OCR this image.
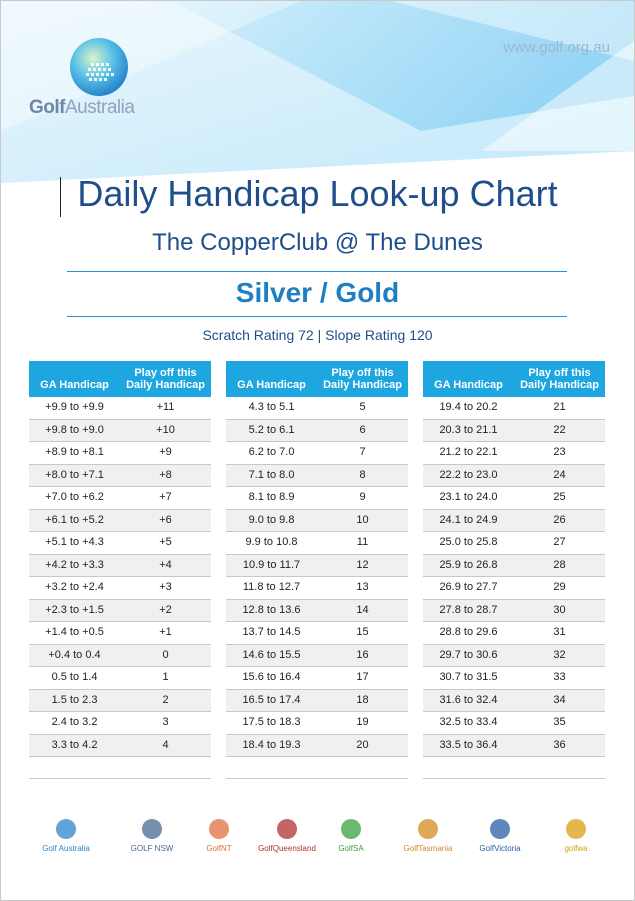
GolfAustralia
www.golf.org.au
Daily Handicap Look-up Chart
The CopperClub @ The Dunes
Silver / Gold
Scratch Rating 72 | Slope Rating 120
GA Handicap
Play off this
Daily Handicap
+9.9 to +9.9	+11
+9.8 to +9.0	+10
+8.9 to +8.1	+9
+8.0 to +7.1	+8
+7.0 to +6.2	+7
+6.1 to +5.2	+6
+5.1 to +4.3	+5
+4.2 to +3.3	+4
+3.2 to +2.4	+3
+2.3 to +1.5	+2
+1.4 to +0.5	+1
+0.4 to 0.4	0
0.5 to 1.4	1
1.5 to 2.3	2
2.4 to 3.2	3
3.3 to 4.2	4
GA Handicap
Play off this
Daily Handicap
4.3 to 5.1	5
5.2 to 6.1	6
6.2 to 7.0	7
7.1 to 8.0	8
8.1 to 8.9	9
9.0 to 9.8	10
9.9 to 10.8	11
10.9 to 11.7	12
11.8 to 12.7	13
12.8 to 13.6	14
13.7 to 14.5	15
14.6 to 15.5	16
15.6 to 16.4	17
16.5 to 17.4	18
17.5 to 18.3	19
18.4 to 19.3	20
GA Handicap
Play off this
Daily Handicap
19.4 to 20.2	21
20.3 to 21.1	22
21.2 to 22.1	23
22.2 to 23.0	24
23.1 to 24.0	25
24.1 to 24.9	26
25.0 to 25.8	27
25.9 to 26.8	28
26.9 to 27.7	29
27.8 to 28.7	30
28.8 to 29.6	31
29.7 to 30.6	32
30.7 to 31.5	33
31.6 to 32.4	34
32.5 to 33.4	35
33.5 to 36.4	36
Golf Australia	GOLF NSW	GolfNT	GolfQueensland	GolfSA	GolfTasmania	GolfVictoria	golfwa
